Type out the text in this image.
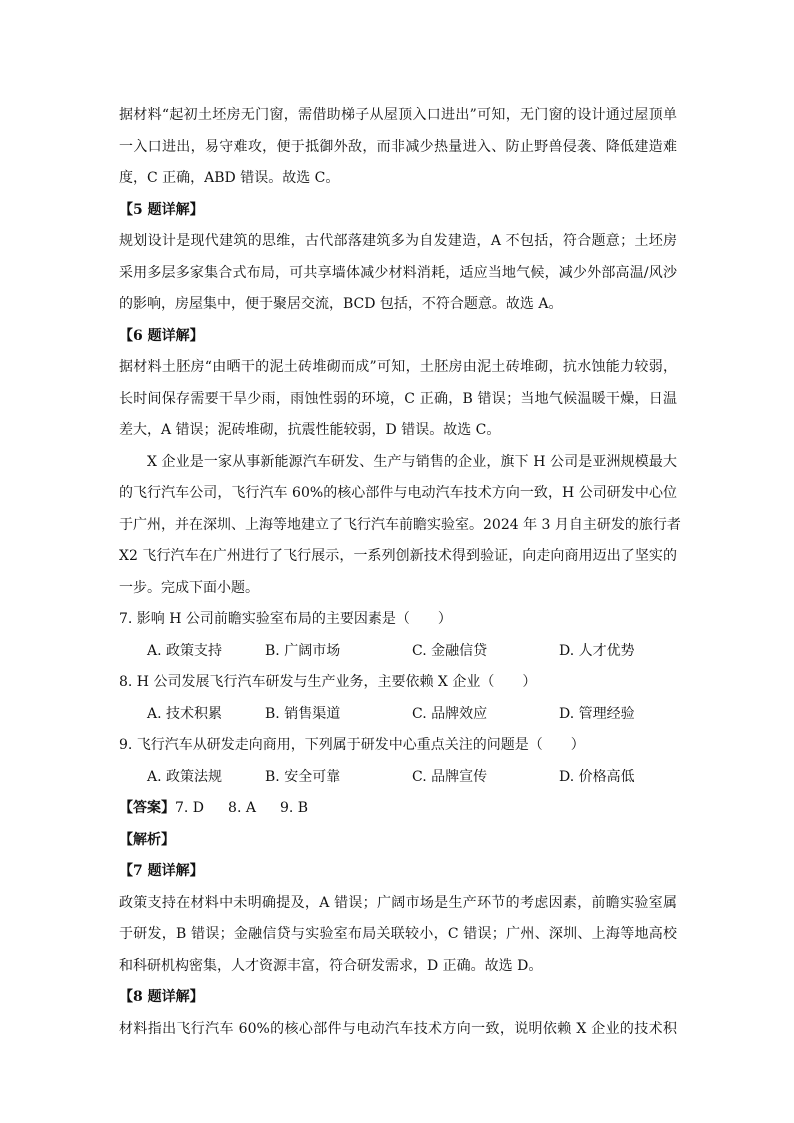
据材料“起初土坯房无门窗，需借助梯子从屋顶入口进出”可知，无门窗的设计通过屋顶单
一入口进出，易守难攻，便于抵御外敌，而非减少热量进入、防止野兽侵袭、降低建造难
度，C 正确，ABD 错误。故选 C。
【5 题详解】
规划设计是现代建筑的思维，古代部落建筑多为自发建造，A 不包括，符合题意；土坯房
采用多层多家集合式布局，可共享墙体减少材料消耗，适应当地气候，减少外部高温/风沙
的影响，房屋集中，便于聚居交流，BCD 包括，不符合题意。故选 A。
【6 题详解】
据材料土胚房“由晒干的泥土砖堆砌而成”可知，土胚房由泥土砖堆砌，抗水蚀能力较弱，
长时间保存需要干旱少雨，雨蚀性弱的环境，C 正确，B 错误；当地气候温暖干燥，日温
差大，A 错误；泥砖堆砌，抗震性能较弱，D 错误。故选 C。
X 企业是一家从事新能源汽车研发、生产与销售的企业，旗下 H 公司是亚洲规模最大
的飞行汽车公司，飞行汽车 60%的核心部件与电动汽车技术方向一致，H 公司研发中心位
于广州，并在深圳、上海等地建立了飞行汽车前瞻实验室。2024 年 3 月自主研发的旅行者
X2 飞行汽车在广州进行了飞行展示，一系列创新技术得到验证，向走向商用迈出了坚实的
一步。完成下面小题。
7. 影响 H 公司前瞻实验室布局的主要因素是（　　）
A. 政策支持	B. 广阔市场	C. 金融信贷	D. 人才优势
8. H 公司发展飞行汽车研发与生产业务，主要依赖 X 企业（　　）
A. 技术积累	B. 销售渠道	C. 品牌效应	D. 管理经验
9. 飞行汽车从研发走向商用，下列属于研发中心重点关注的问题是（　　）
A. 政策法规	B. 安全可靠	C. 品牌宣传	D. 价格高低
【答案】7. D 8. A 9. B
【解析】
【7 题详解】
政策支持在材料中未明确提及，A 错误；广阔市场是生产环节的考虑因素，前瞻实验室属
于研发，B 错误；金融信贷与实验室布局关联较小，C 错误；广州、深圳、上海等地高校
和科研机构密集，人才资源丰富，符合研发需求，D 正确。故选 D。
【8 题详解】
材料指出飞行汽车 60%的核心部件与电动汽车技术方向一致，说明依赖 X 企业的技术积
